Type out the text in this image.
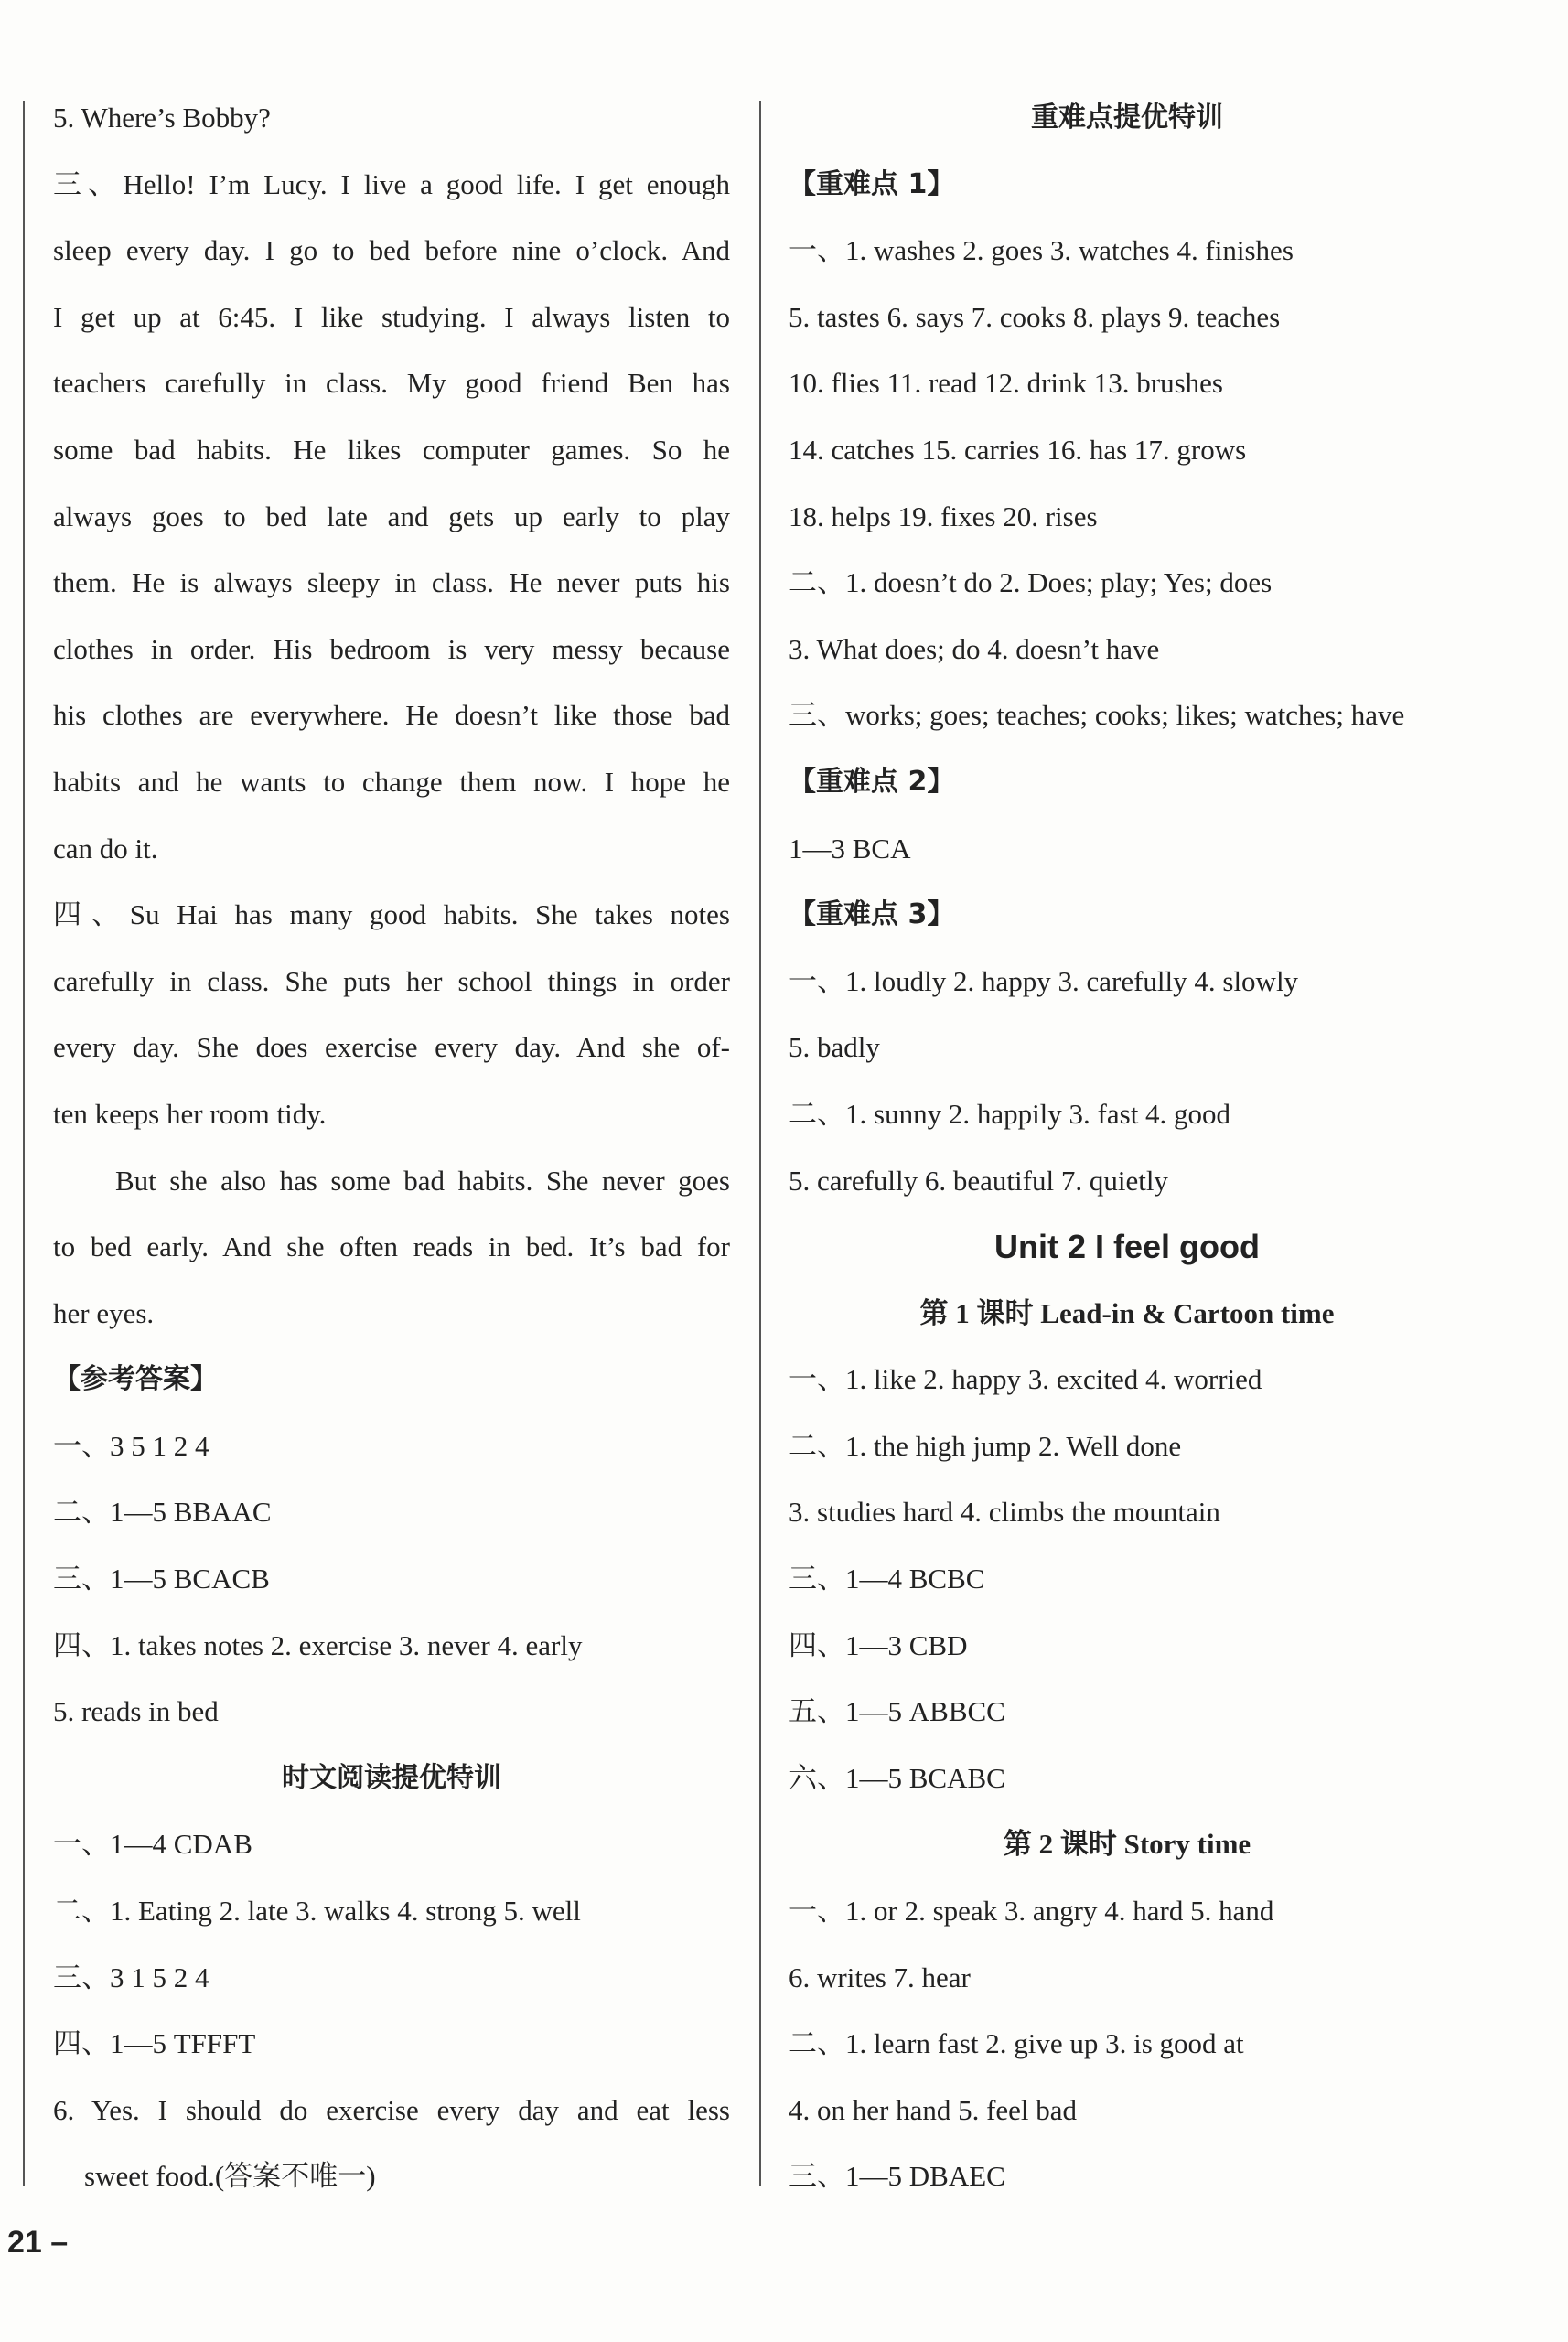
5. Where’s Bobby?
三、Hello! I’m Lucy. I live a good life. I get enough
sleep every day. I go to bed before nine o’clock. And
I get up at 6:45. I like studying. I always listen to
teachers carefully in class. My good friend Ben has
some bad habits. He likes computer games. So he
always goes to bed late and gets up early to play
them. He is always sleepy in class. He never puts his
clothes in order. His bedroom is very messy because
his clothes are everywhere. He doesn’t like those bad
habits and he wants to change them now. I hope he
can do it.
四、Su Hai has many good habits. She takes notes
carefully in class. She puts her school things in order
every day. She does exercise every day. And she of-
ten keeps her room tidy.
But she also has some bad habits. She never goes
to bed early. And she often reads in bed. It’s bad for
her eyes.
【参考答案】
一、3 5 1 2 4
二、1—5 BBAAC
三、1—5 BCACB
四、1. takes notes 2. exercise 3. never 4. early
5. reads in bed
时文阅读提优特训
一、1—4 CDAB
二、1. Eating 2. late 3. walks 4. strong 5. well
三、3 1 5 2 4
四、1—5 TFFFT
6. Yes. I should do exercise every day and eat less
sweet food.(答案不唯一)
重难点提优特训
【重难点 1】
一、1. washes 2. goes 3. watches 4. finishes
5. tastes 6. says 7. cooks 8. plays 9. teaches
10. flies 11. read 12. drink 13. brushes
14. catches 15. carries 16. has 17. grows
18. helps 19. fixes 20. rises
二、1. doesn’t do 2. Does; play; Yes; does
3. What does; do 4. doesn’t have
三、works; goes; teaches; cooks; likes; watches; have
【重难点 2】
1—3 BCA
【重难点 3】
一、1. loudly 2. happy 3. carefully 4. slowly
5. badly
二、1. sunny 2. happily 3. fast 4. good
5. carefully 6. beautiful 7. quietly
Unit 2 I feel good
第 1 课时 Lead-in & Cartoon time
一、1. like 2. happy 3. excited 4. worried
二、1. the high jump 2. Well done
3. studies hard 4. climbs the mountain
三、1—4 BCBC
四、1—3 CBD
五、1—5 ABBCC
六、1—5 BCABC
第 2 课时 Story time
一、1. or 2. speak 3. angry 4. hard 5. hand
6. writes 7. hear
二、1. learn fast 2. give up 3. is good at
4. on her hand 5. feel bad
三、1—5 DBAEC
21 –
